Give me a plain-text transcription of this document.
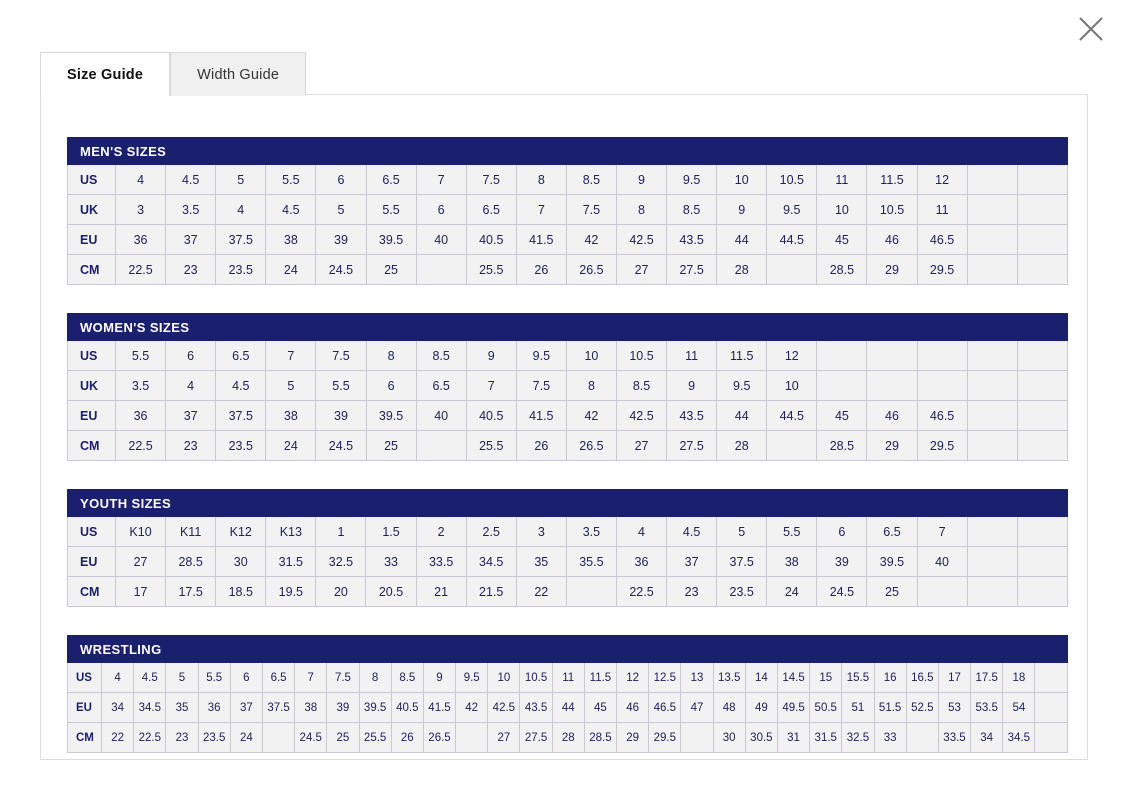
Size Guide	Width Guide
MEN'S SIZES																			
US	4	4.5	5	5.5	6	6.5	7	7.5	8	8.5	9	9.5	10	10.5	11	11.5	12		
UK	3	3.5	4	4.5	5	5.5	6	6.5	7	7.5	8	8.5	9	9.5	10	10.5	11		
EU	36	37	37.5	38	39	39.5	40	40.5	41.5	42	42.5	43.5	44	44.5	45	46	46.5		
CM	22.5	23	23.5	24	24.5	25		25.5	26	26.5	27	27.5	28		28.5	29	29.5		
WOMEN'S SIZES																			
US	5.5	6	6.5	7	7.5	8	8.5	9	9.5	10	10.5	11	11.5	12					
UK	3.5	4	4.5	5	5.5	6	6.5	7	7.5	8	8.5	9	9.5	10					
EU	36	37	37.5	38	39	39.5	40	40.5	41.5	42	42.5	43.5	44	44.5	45	46	46.5		
CM	22.5	23	23.5	24	24.5	25		25.5	26	26.5	27	27.5	28		28.5	29	29.5		
YOUTH SIZES																			
US	K10	K11	K12	K13	1	1.5	2	2.5	3	3.5	4	4.5	5	5.5	6	6.5	7		
EU	27	28.5	30	31.5	32.5	33	33.5	34.5	35	35.5	36	37	37.5	38	39	39.5	40		
CM	17	17.5	18.5	19.5	20	20.5	21	21.5	22		22.5	23	23.5	24	24.5	25			
WRESTLING																														
US	4	4.5	5	5.5	6	6.5	7	7.5	8	8.5	9	9.5	10	10.5	11	11.5	12	12.5	13	13.5	14	14.5	15	15.5	16	16.5	17	17.5	18	
EU	34	34.5	35	36	37	37.5	38	39	39.5	40.5	41.5	42	42.5	43.5	44	45	46	46.5	47	48	49	49.5	50.5	51	51.5	52.5	53	53.5	54	
CM	22	22.5	23	23.5	24		24.5	25	25.5	26	26.5		27	27.5	28	28.5	29	29.5		30	30.5	31	31.5	32.5	33		33.5	34	34.5	
